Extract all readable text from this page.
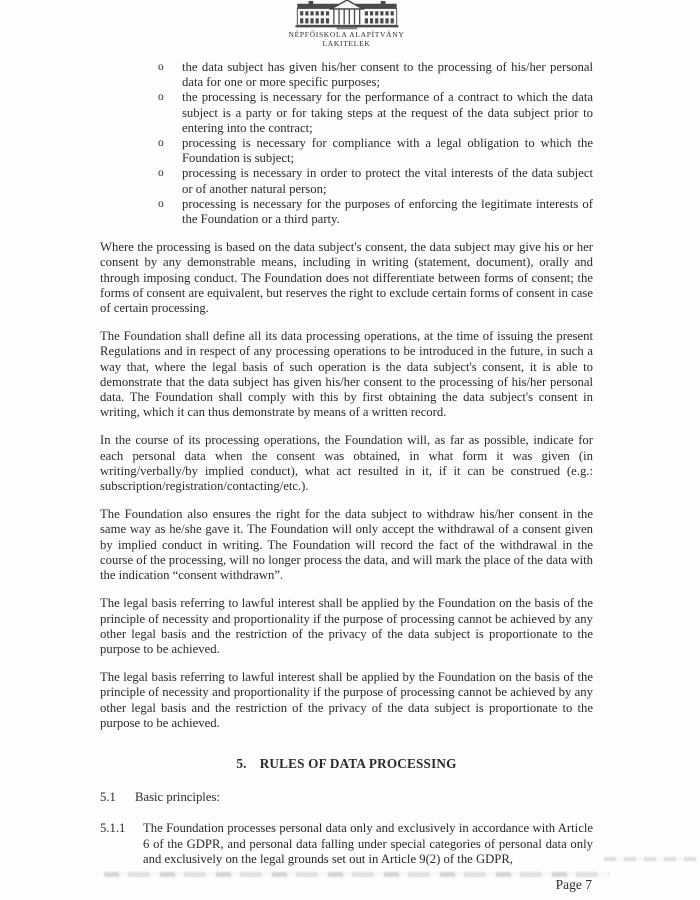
NÉPFŐISKOLA ALAPÍTVÁNY
LAKITELEK
o	the data subject has given his/her consent to the processing of his/her personal data for one or more specific purposes;
o	the processing is necessary for the performance of a contract to which the data subject is a party or for taking steps at the request of the data subject prior to entering into the contract;
o	processing is necessary for compliance with a legal obligation to which the Foundation is subject;
o	processing is necessary in order to protect the vital interests of the data subject or of another natural person;
o	processing is necessary for the purposes of enforcing the legitimate interests of the Foundation or a third party.

Where the processing is based on the data subject's consent, the data subject may give his or her consent by any demonstrable means, including in writing (statement, document), orally and through imposing conduct. The Foundation does not differentiate between forms of consent; the forms of consent are equivalent, but reserves the right to exclude certain forms of consent in case of certain processing.

The Foundation shall define all its data processing operations, at the time of issuing the present Regulations and in respect of any processing operations to be introduced in the future, in such a way that, where the legal basis of such operation is the data subject's consent, it is able to demonstrate that the data subject has given his/her consent to the processing of his/her personal data. The Foundation shall comply with this by first obtaining the data subject's consent in writing, which it can thus demonstrate by means of a written record.

In the course of its processing operations, the Foundation will, as far as possible, indicate for each personal data when the consent was obtained, in what form it was given (in writing/verbally/by implied conduct), what act resulted in it, if it can be construed (e.g.: subscription/registration/contacting/etc.).

The Foundation also ensures the right for the data subject to withdraw his/her consent in the same way as he/she gave it. The Foundation will only accept the withdrawal of a consent given by implied conduct in writing. The Foundation will record the fact of the withdrawal in the course of the processing, will no longer process the data, and will mark the place of the data with the indication “consent withdrawn”.

The legal basis referring to lawful interest shall be applied by the Foundation on the basis of the principle of necessity and proportionality if the purpose of processing cannot be achieved by any other legal basis and the restriction of the privacy of the data subject is proportionate to the purpose to be achieved.

The legal basis referring to lawful interest shall be applied by the Foundation on the basis of the principle of necessity and proportionality if the purpose of processing cannot be achieved by any other legal basis and the restriction of the privacy of the data subject is proportionate to the purpose to be achieved.

5. RULES OF DATA PROCESSING
5.1	Basic principles:
5.1.1	The Foundation processes personal data only and exclusively in accordance with Article 6 of the GDPR, and personal data falling under special categories of personal data only and exclusively on the legal grounds set out in Article 9(2) of the GDPR,
Page 7
